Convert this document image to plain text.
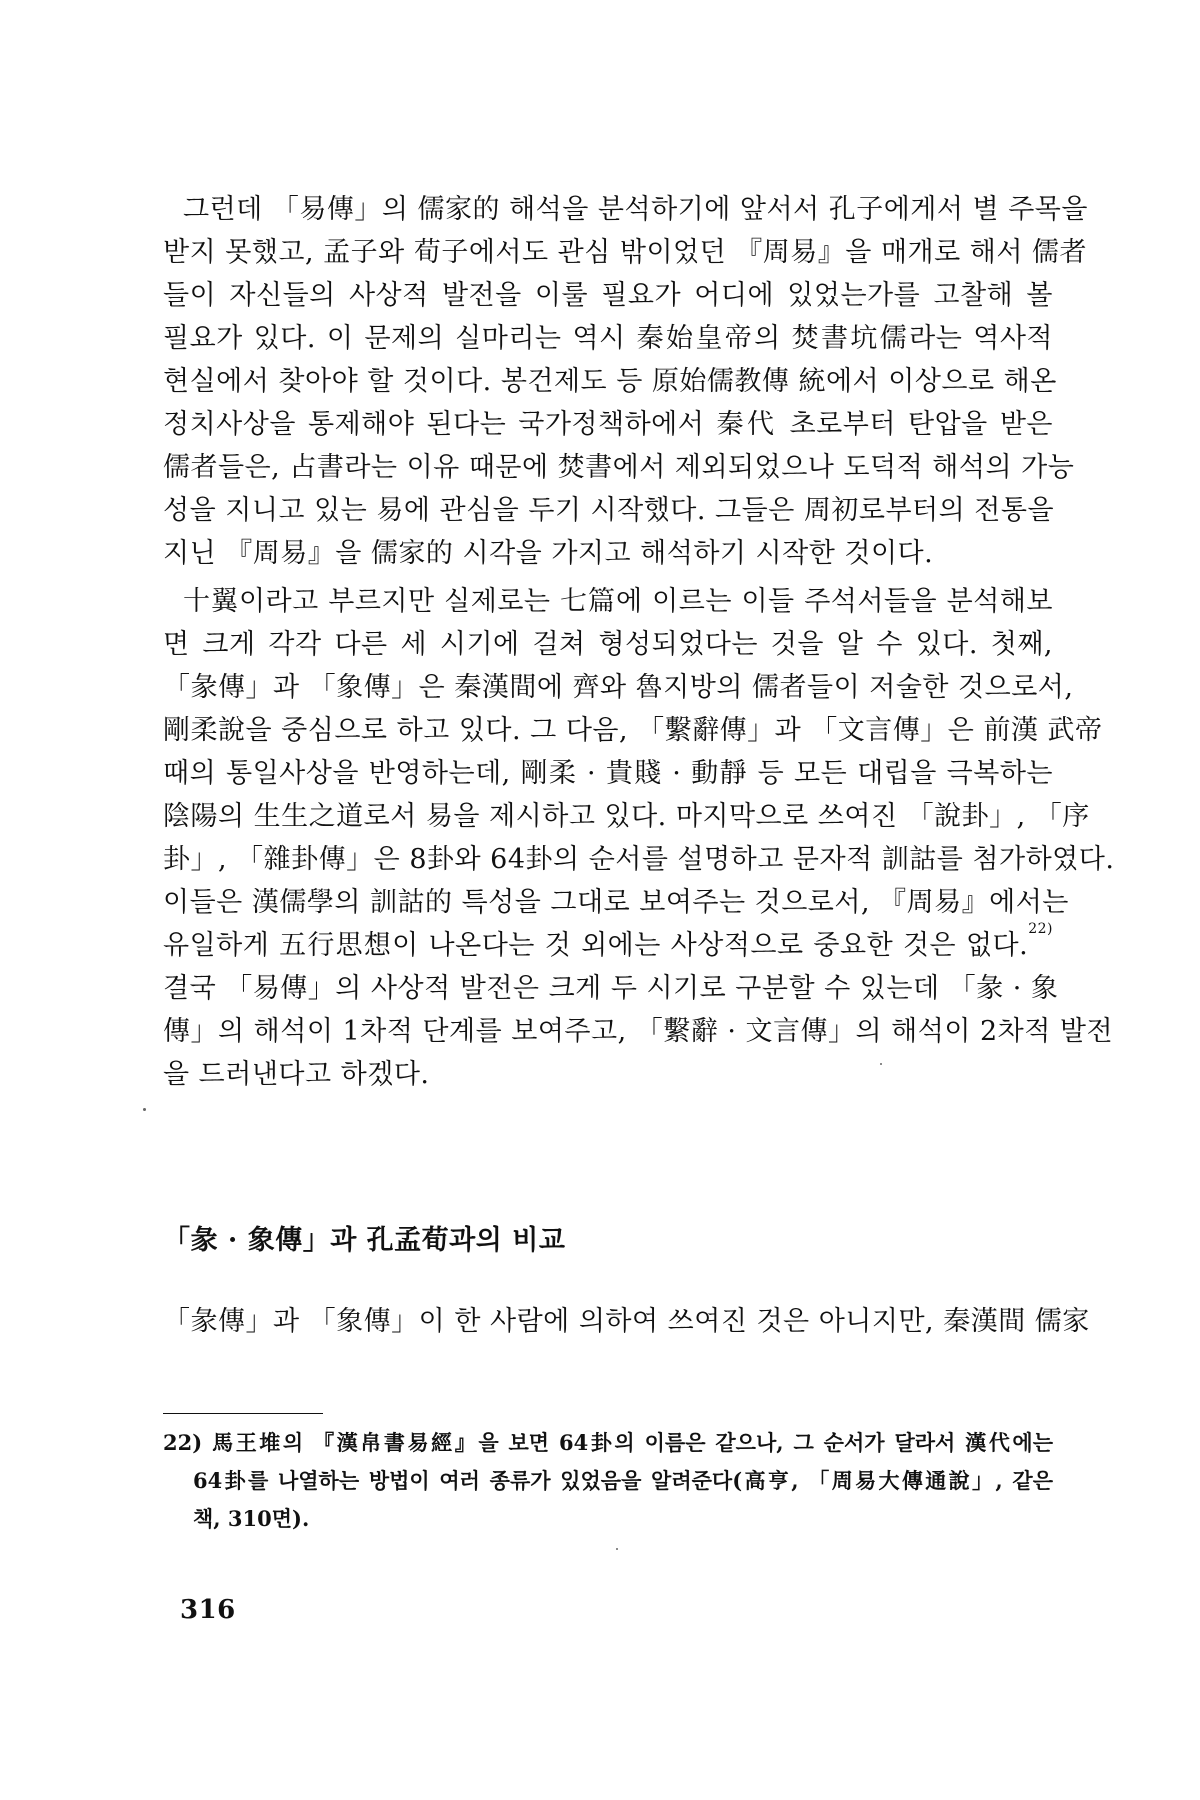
그런데 「易傳」의 儒家的 해석을 분석하기에 앞서서 孔子에게서 별 주목을
받지 못했고, 孟子와 荀子에서도 관심 밖이었던 『周易』을 매개로 해서 儒者
들이 자신들의 사상적 발전을 이룰 필요가 어디에 있었는가를 고찰해 볼
필요가 있다. 이 문제의 실마리는 역시 秦始皇帝의 焚書坑儒라는 역사적
현실에서 찾아야 할 것이다. 봉건제도 등 原始儒教傳 統에서 이상으로 해온
정치사상을 통제해야 된다는 국가정책하에서 秦代 초로부터 탄압을 받은
儒者들은, 占書라는 이유 때문에 焚書에서 제외되었으나 도덕적 해석의 가능
성을 지니고 있는 易에 관심을 두기 시작했다. 그들은 周初로부터의 전통을
지닌 『周易』을 儒家的 시각을 가지고 해석하기 시작한 것이다.
十翼이라고 부르지만 실제로는 七篇에 이르는 이들 주석서들을 분석해보
면 크게 각각 다른 세 시기에 걸쳐 형성되었다는 것을 알 수 있다. 첫째,
「彖傳」과 「象傳」은 秦漢間에 齊와 魯지방의 儒者들이 저술한 것으로서,
剛柔說을 중심으로 하고 있다. 그 다음, 「繫辭傳」과 「文言傳」은 前漢 武帝
때의 통일사상을 반영하는데, 剛柔 · 貴賤 · 動靜 등 모든 대립을 극복하는
陰陽의 生生之道로서 易을 제시하고 있다. 마지막으로 쓰여진 「說卦」, 「序
卦」, 「雜卦傳」은 8卦와 64卦의 순서를 설명하고 문자적 訓詁를 첨가하였다.
이들은 漢儒學의 訓詁的 특성을 그대로 보여주는 것으로서, 『周易』에서는
유일하게 五行思想이 나온다는 것 외에는 사상적으로 중요한 것은 없다.$^{22)}$
결국 「易傳」의 사상적 발전은 크게 두 시기로 구분할 수 있는데 「彖 · 象
傳」의 해석이 1차적 단계를 보여주고, 「繫辭 · 文言傳」의 해석이 2차적 발전
을 드러낸다고 하겠다.
「彖 · 象傳」과 孔孟荀과의 비교
「彖傳」과 「象傳」이 한 사람에 의하여 쓰여진 것은 아니지만, 秦漢間 儒家
22) 馬王堆의 『漢帛書易經』을 보면 64卦의 이름은 같으나, 그 순서가 달라서 漢代에는
64卦를 나열하는 방법이 여러 종류가 있었음을 알려준다(高亨, 「周易大傳通說」, 같은
책, 310면).
316
